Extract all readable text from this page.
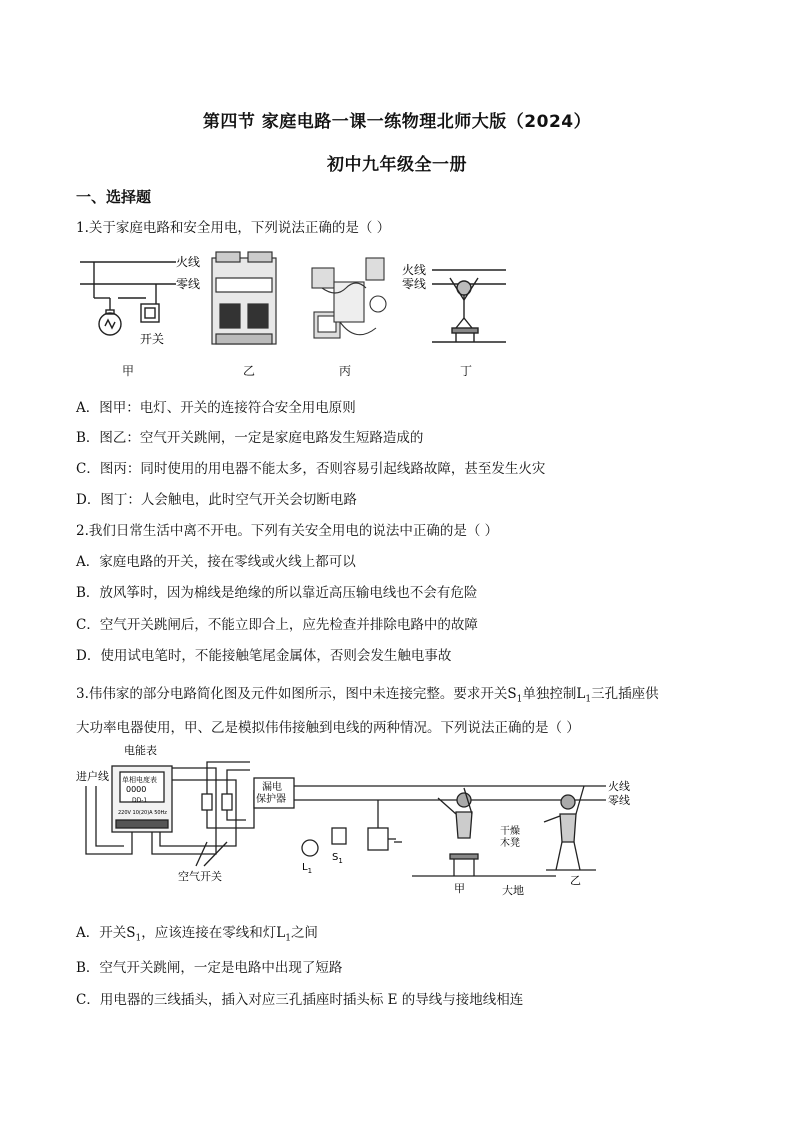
第四节 家庭电路一课一练物理北师大版（2024）
初中九年级全一册
一、选择题
1.关于家庭电路和安全用电，下列说法正确的是（ ）
火线
零线
开关
火线
零线
甲	乙	丙	丁
A．图甲：电灯、开关的连接符合安全用电原则
B．图乙：空气开关跳闸，一定是家庭电路发生短路造成的
C．图丙：同时使用的用电器不能太多，否则容易引起线路故障，甚至发生火灾
D．图丁：人会触电，此时空气开关会切断电路
2.我们日常生活中离不开电。下列有关安全用电的说法中正确的是（ ）
A．家庭电路的开关，接在零线或火线上都可以
B．放风筝时，因为棉线是绝缘的所以靠近高压输电线也不会有危险
C．空气开关跳闸后，不能立即合上，应先检查并排除电路中的故障
D．使用试电笔时，不能接触笔尾金属体，否则会发生触电事故
3.伟伟家的部分电路简化图及元件如图所示，图中未连接完整。要求开关$S_1$单独控制$L_1$三孔插座供
大功率电器使用，甲、乙是模拟伟伟接触到电线的两种情况。下列说法正确的是（ ）
电能表
进户线 单相电度表
0000
DD-1
220V 10(20)A 50Hz
漏电
保护器
空气开关
火线
零线
干燥
木凳
大地
甲
乙
$L_1$
$S_1$
A．开关$S_1$，应该连接在零线和灯$L_1$之间
B．空气开关跳闸，一定是电路中出现了短路
C．用电器的三线插头，插入对应三孔插座时插头标 E 的导线与接地线相连
